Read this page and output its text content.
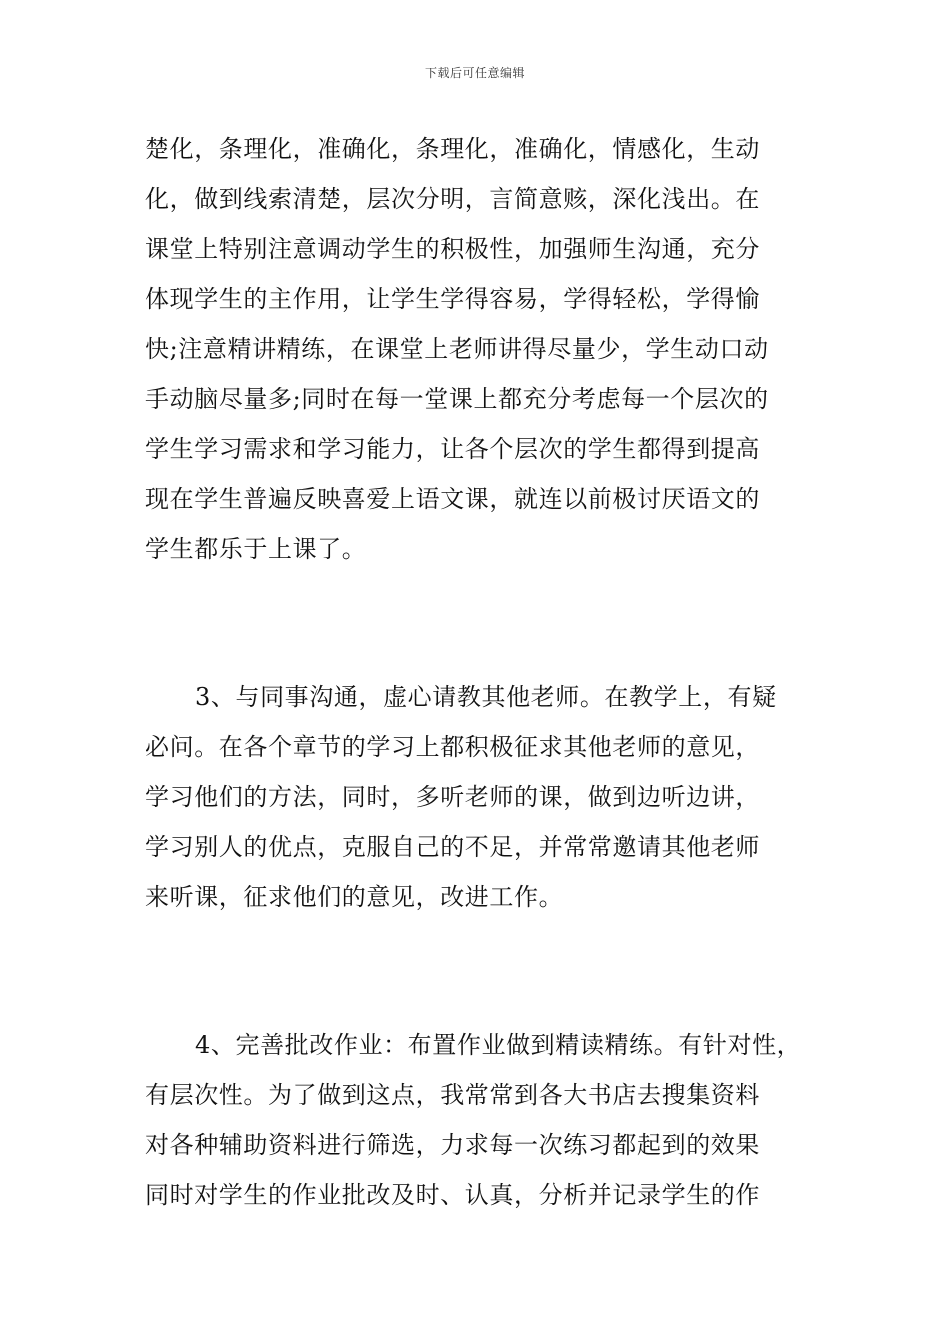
下载后可任意编辑
楚化，条理化，准确化，条理化，准确化，情感化，生动
化，做到线索清楚，层次分明，言简意赅，深化浅出。在
课堂上特别注意调动学生的积极性，加强师生沟通，充分
体现学生的主作用，让学生学得容易，学得轻松，学得愉
快;注意精讲精练，在课堂上老师讲得尽量少，学生动口动
手动脑尽量多;同时在每一堂课上都充分考虑每一个层次的
学生学习需求和学习能力，让各个层次的学生都得到提高
现在学生普遍反映喜爱上语文课，就连以前极讨厌语文的
学生都乐于上课了。
3、与同事沟通，虚心请教其他老师。在教学上，有疑
必问。在各个章节的学习上都积极征求其他老师的意见，
学习他们的方法，同时，多听老师的课，做到边听边讲，
学习别人的优点，克服自己的不足，并常常邀请其他老师
来听课，征求他们的意见，改进工作。
4、完善批改作业：布置作业做到精读精练。有针对性，
有层次性。为了做到这点，我常常到各大书店去搜集资料
对各种辅助资料进行筛选，力求每一次练习都起到的效果
同时对学生的作业批改及时、认真，分析并记录学生的作
